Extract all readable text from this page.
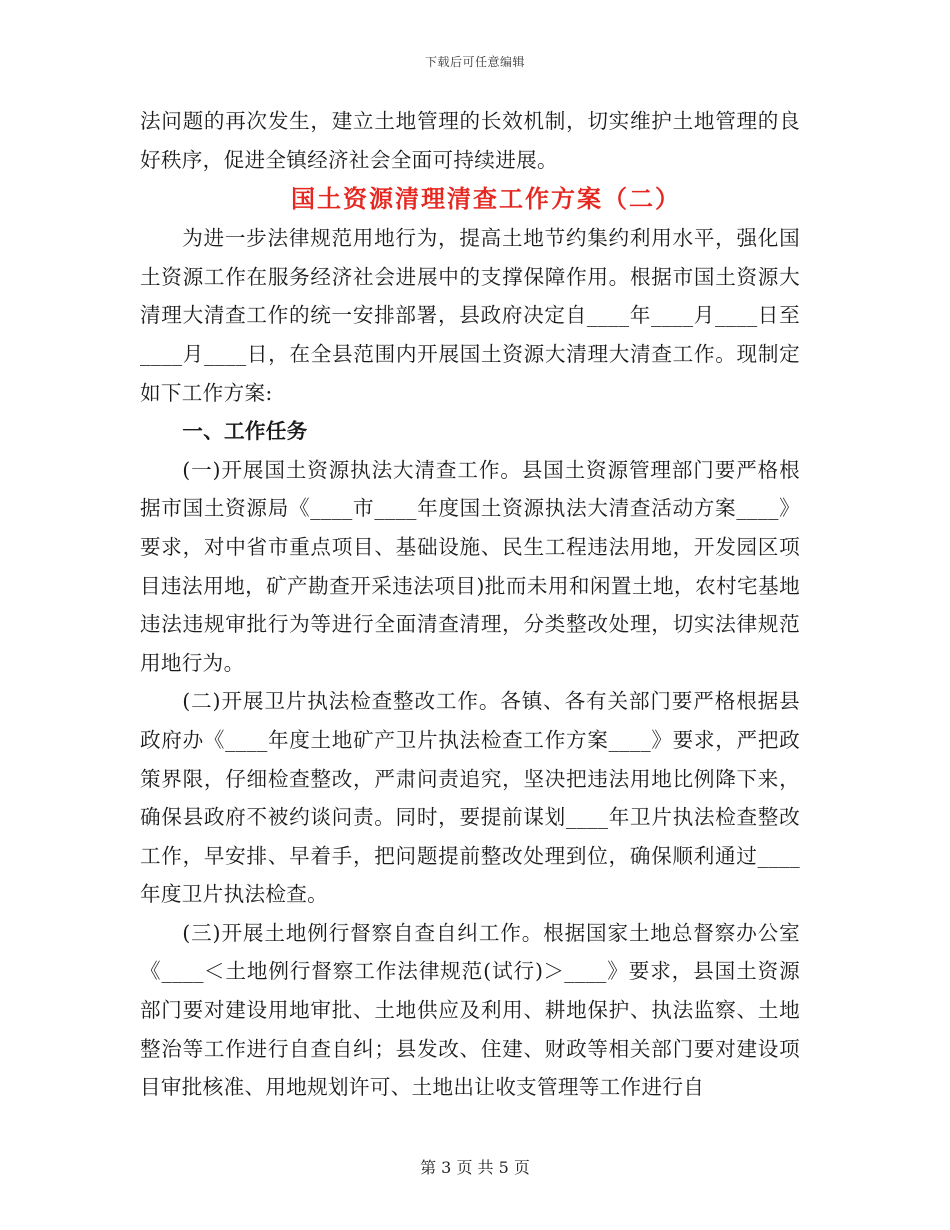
下载后可任意编辑

法问题的再次发生，建立土地管理的长效机制，切实维护土地管理的良好秩序，促进全镇经济社会全面可持续进展。

国土资源清理清查工作方案（二）

为进一步法律规范用地行为，提高土地节约集约利用水平，强化国土资源工作在服务经济社会进展中的支撑保障作用。根据市国土资源大清理大清查工作的统一安排部署，县政府决定自____年____月____日至____月____日，在全县范围内开展国土资源大清理大清查工作。现制定如下工作方案:

一、工作任务

(一)开展国土资源执法大清查工作。县国土资源管理部门要严格根据市国土资源局《____市____年度国土资源执法大清查活动方案____》要求，对中省市重点项目、基础设施、民生工程违法用地，开发园区项目违法用地，矿产勘查开采违法项目)批而未用和闲置土地，农村宅基地违法违规审批行为等进行全面清查清理，分类整改处理，切实法律规范用地行为。

(二)开展卫片执法检查整改工作。各镇、各有关部门要严格根据县政府办《____年度土地矿产卫片执法检查工作方案____》要求，严把政策界限，仔细检查整改，严肃问责追究，坚决把违法用地比例降下来，确保县政府不被约谈问责。同时，要提前谋划____年卫片执法检查整改工作，早安排、早着手，把问题提前整改处理到位，确保顺利通过____年度卫片执法检查。

(三)开展土地例行督察自查自纠工作。根据国家土地总督察办公室《____＜土地例行督察工作法律规范(试行)＞____》要求，县国土资源部门要对建设用地审批、土地供应及利用、耕地保护、执法监察、土地整治等工作进行自查自纠；县发改、住建、财政等相关部门要对建设项目审批核准、用地规划许可、土地出让收支管理等工作进行自

第 3 页 共 5 页
